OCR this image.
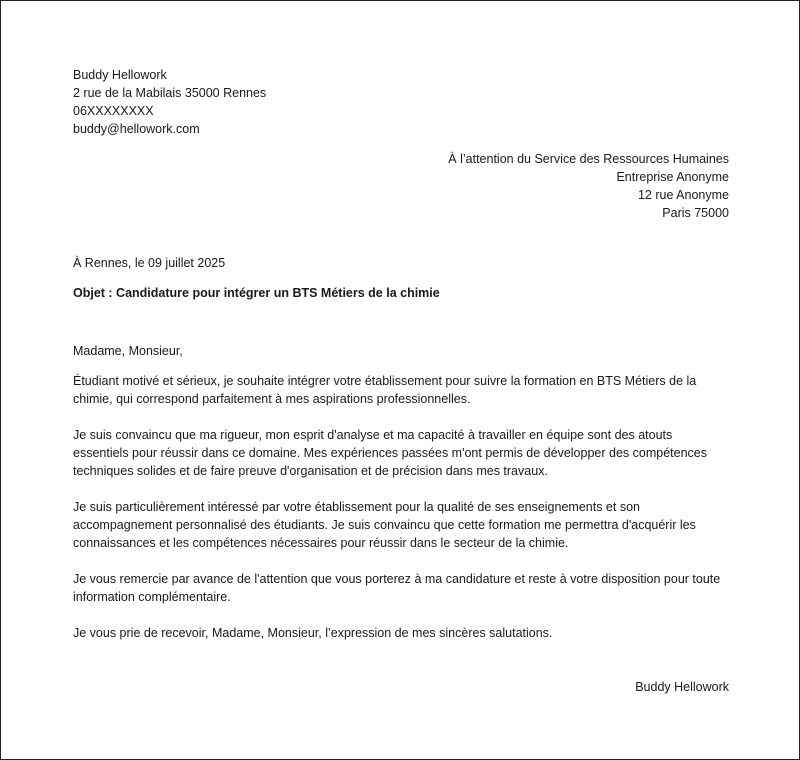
Buddy Hellowork
2 rue de la Mabilais 35000 Rennes
06XXXXXXXX
buddy@hellowork.com
À l’attention du Service des Ressources Humaines
Entreprise Anonyme
12 rue Anonyme
Paris 75000
À Rennes, le 09 juillet 2025
Objet : Candidature pour intégrer un BTS Métiers de la chimie
Madame, Monsieur,

Étudiant motivé et sérieux, je souhaite intégrer votre établissement pour suivre la formation en BTS Métiers de la chimie, qui correspond parfaitement à mes aspirations professionnelles.

Je suis convaincu que ma rigueur, mon esprit d'analyse et ma capacité à travailler en équipe sont des atouts essentiels pour réussir dans ce domaine. Mes expériences passées m'ont permis de développer des compétences techniques solides et de faire preuve d'organisation et de précision dans mes travaux.

Je suis particulièrement intéressé par votre établissement pour la qualité de ses enseignements et son accompagnement personnalisé des étudiants. Je suis convaincu que cette formation me permettra d'acquérir les connaissances et les compétences nécessaires pour réussir dans le secteur de la chimie.

Je vous remercie par avance de l'attention que vous porterez à ma candidature et reste à votre disposition pour toute information complémentaire.

Je vous prie de recevoir, Madame, Monsieur, l’expression de mes sincères salutations.

Buddy Hellowork
